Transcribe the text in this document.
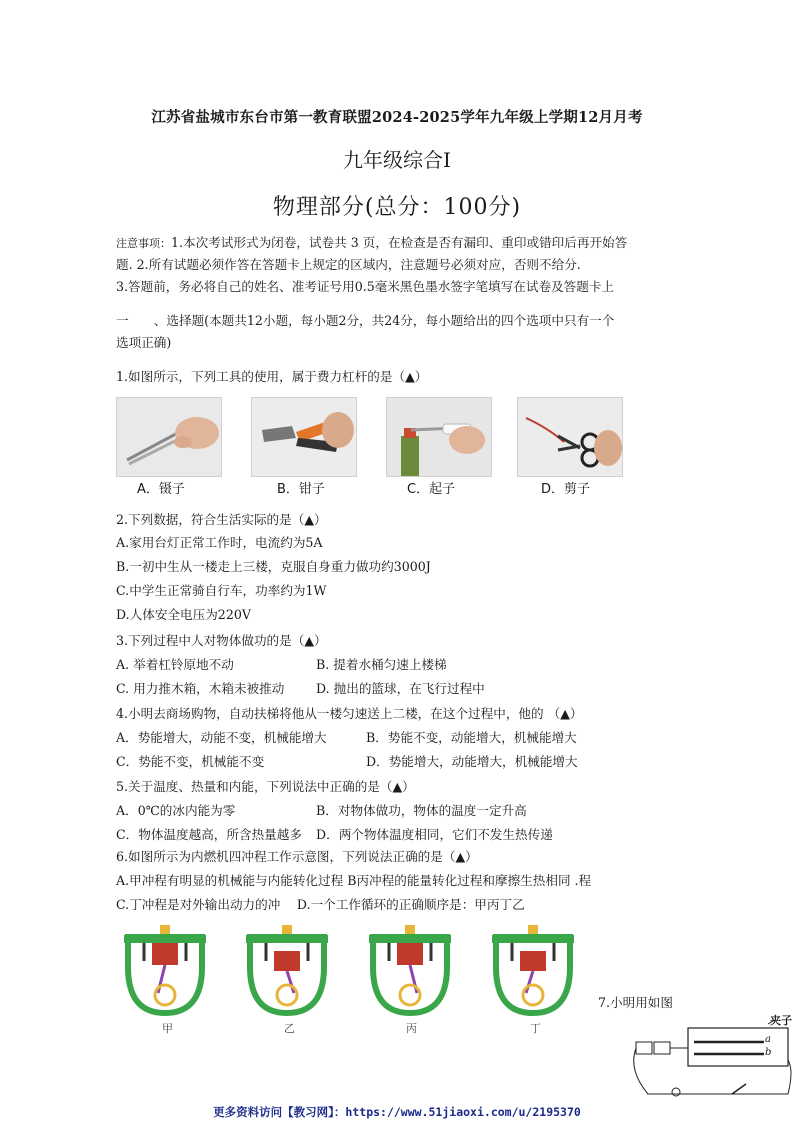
江苏省盐城市东台市第一教育联盟2024-2025学年九年级上学期12月月考
九年级综合I
物理部分(总分：100分)
注意事项：1.本次考试形式为闭卷，试卷共 3 页，在检查是否有漏印、重印或错印后再开始答
题. 2.所有试题必须作答在答题卡上规定的区域内，注意题号必须对应，否则不给分.
3.答题前，务必将自己的姓名、准考证号用0.5毫米黑色墨水签字笔填写在试卷及答题卡上
一　　、选择题(本题共12小题，每小题2分，共24分，每小题给出的四个选项中只有一个
选项正确)
1.如图所示，下列工具的使用，属于费力杠杆的是（▲）
A．镊子	B．钳子	C．起子	D．剪子
2.下列数据，符合生活实际的是（▲）
A.家用台灯正常工作时，电流约为5A
B.一初中生从一楼走上三楼，克服自身重力做功约3000J
C.中学生正常骑自行车，功率约为1W
D.人体安全电压为220V
3.下列过程中人对物体做功的是（▲）
A. 举着杠铃原地不动	B. 提着水桶匀速上楼梯
C. 用力推木箱，木箱未被推动	D. 抛出的篮球，在飞行过程中
4.小明去商场购物，自动扶梯将他从一楼匀速送上二楼，在这个过程中，他的 （▲）
A．势能增大，动能不变，机械能增大	B．势能不变，动能增大，机械能增大
C．势能不变，机械能不变	D．势能增大，动能增大，机械能增大
5.关于温度、热量和内能，下列说法中正确的是（▲）
A．0℃的冰内能为零	B．对物体做功，物体的温度一定升高
C．物体温度越高，所含热量越多 D．两个物体温度相同，它们不发生热传递
6.如图所示为内燃机四冲程工作示意图，下列说法正确的是（▲）
A.甲冲程有明显的机械能与内能转化过程 B丙冲程的能量转化过程和摩擦生热相同 .程
C.丁冲程是对外输出动力的冲　 D.一个工作循环的正确顺序是：甲丙丁乙
甲	乙	丙	丁
7.小明用如图
夹子
a
b
更多资料访问【教习网】：https://www.51jiaoxi.com/u/2195370
